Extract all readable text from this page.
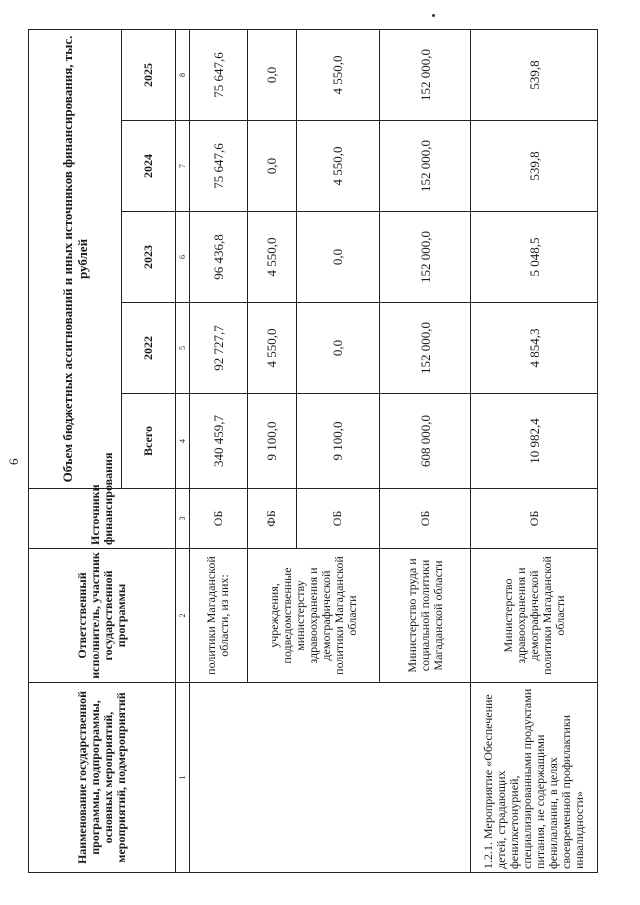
6
Наименование государственной программы, подпрограммы, основных мероприятий, мероприятий, подмероприятий	Ответственный исполнитель, участник государственной программы	Источники финансирования	Объем бюджетных ассигнований и иных источников финансирования, тыс. рублей				
			Всего	2022	2023	2024	2025
1	2	3	4	5	6	7	8
	политики Магаданской области, из них:	ОБ	340 459,7	92 727,7	96 436,8	75 647,6	75 647,6
	учреждения, подведомственные министерству здравоохранения и демографической политики Магаданской области	ФБ	9 100,0	4 550,0	4 550,0	0,0	0,0
		ОБ	9 100,0	0,0	0,0	4 550,0	4 550,0
	Министерство труда и социальной политики Магаданской области	ОБ	608 000,0	152 000,0	152 000,0	152 000,0	152 000,0
1.2.1. Мероприятие «Обеспечение детей, страдающих фенилкетонурией, специализированными продуктами питания, не содержащими фенилаланин, в целях своевременной профилактики инвалидности»	Министерство здравоохранения и демографической политики Магаданской области	ОБ	10 982,4	4 854,3	5 048,5	539,8	539,8
